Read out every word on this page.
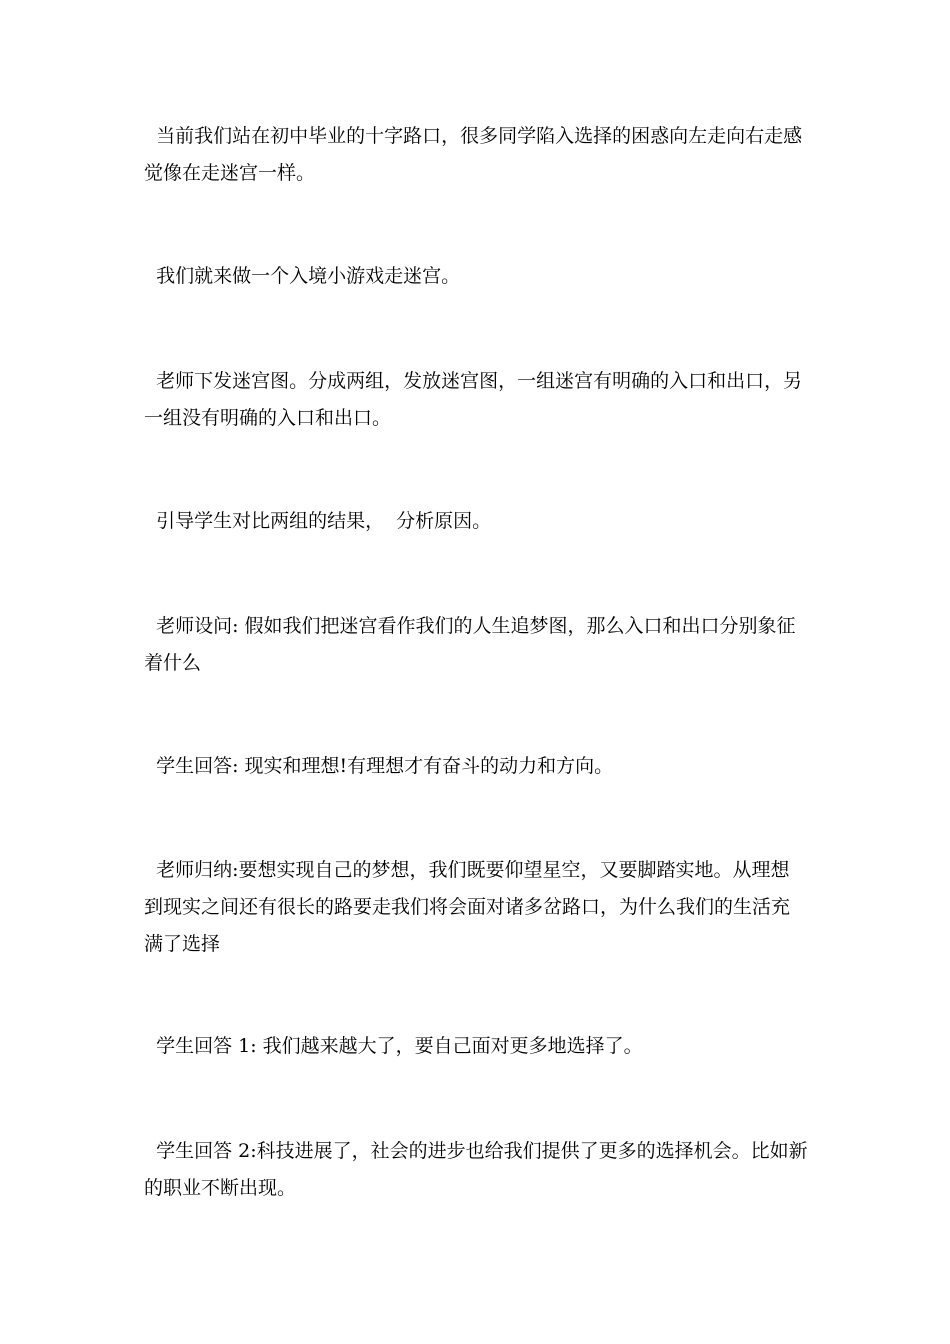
当前我们站在初中毕业的十字路口，很多同学陷入选择的困惑向左走向右走感觉像在走迷宫一样。

我们就来做一个入境小游戏走迷宫。

老师下发迷宫图。分成两组，发放迷宫图，一组迷宫有明确的入口和出口，另一组没有明确的入口和出口。

引导学生对比两组的结果，  分析原因。

老师设问: 假如我们把迷宫看作我们的人生追梦图，那么入口和出口分别象征着什么

学生回答: 现实和理想!有理想才有奋斗的动力和方向。

老师归纳:要想实现自己的梦想，我们既要仰望星空，又要脚踏实地。从理想到现实之间还有很长的路要走我们将会面对诸多岔路口，为什么我们的生活充满了选择

学生回答 1: 我们越来越大了，要自己面对更多地选择了。

学生回答 2:科技进展了，社会的进步也给我们提供了更多的选择机会。比如新的职业不断出现。
